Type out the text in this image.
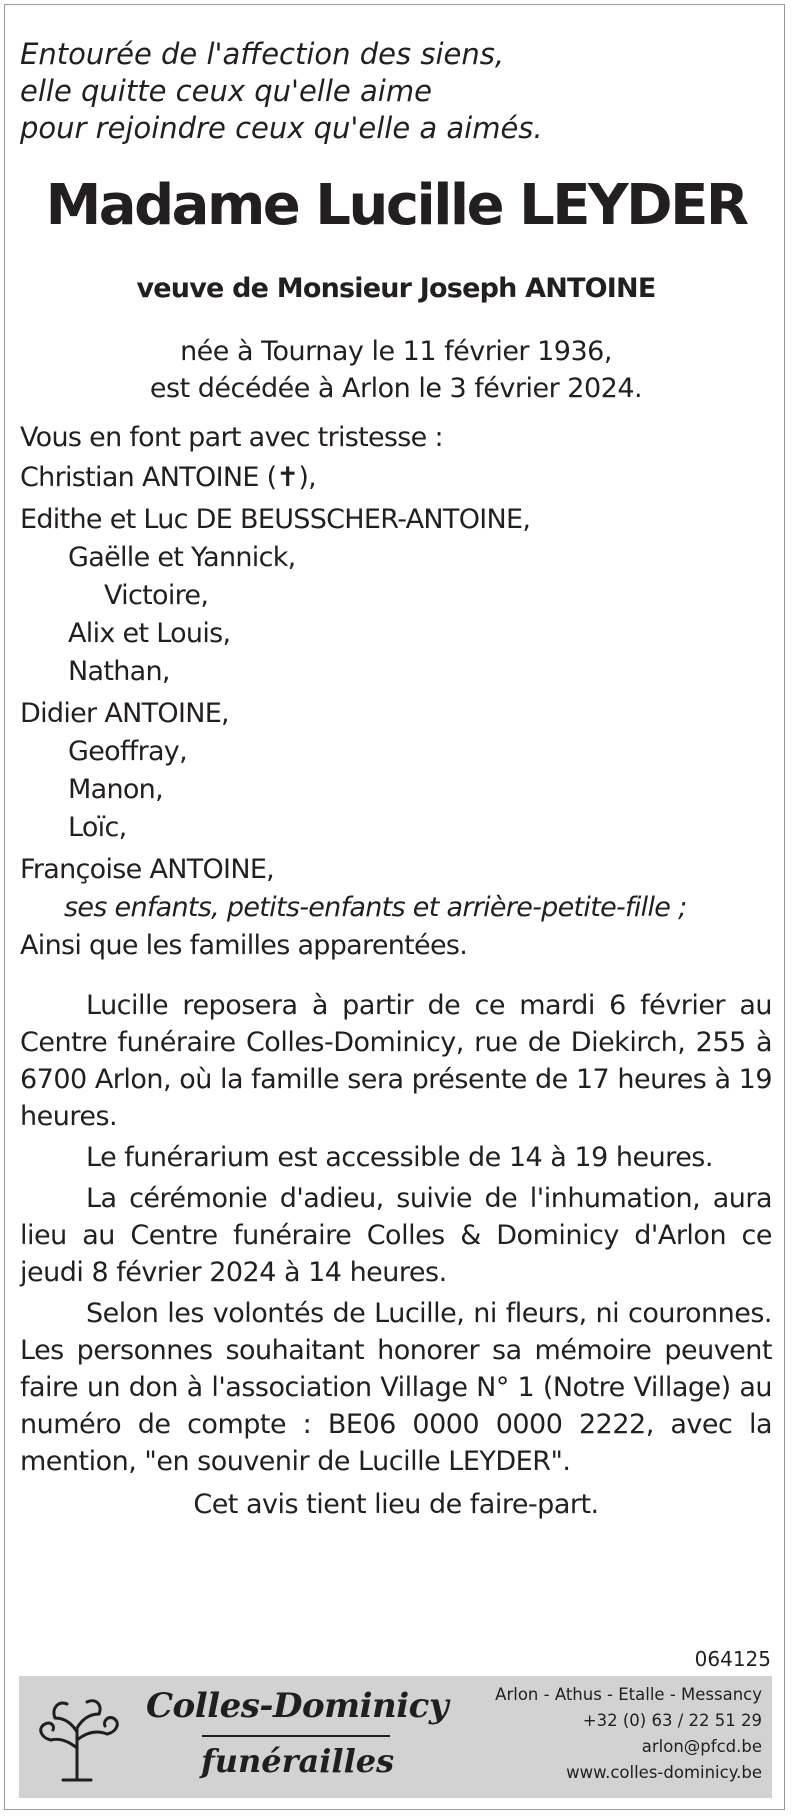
Entourée de l'affection des siens,
elle quitte ceux qu'elle aime
pour rejoindre ceux qu'elle a aimés.

Madame Lucille LEYDER
veuve de Monsieur Joseph ANTOINE
née à Tournay le 11 février 1936,
est décédée à Arlon le 3 février 2024.
Vous en font part avec tristesse :
Christian ANTOINE (✝),
Edithe et Luc DE BEUSSCHER-ANTOINE,
Gaëlle et Yannick,
Victoire,
Alix et Louis,
Nathan,
Didier ANTOINE,
Geoffray,
Manon,
Loïc,
Françoise ANTOINE,
ses enfants, petits-enfants et arrière-petite-fille ;
Ainsi que les familles apparentées.

Lucille reposera à partir de ce mardi 6 février au Centre funéraire Colles-Dominicy, rue de Diekirch, 255 à 6700 Arlon, où la famille sera présente de 17 heures à 19 heures.

Le funérarium est accessible de 14 à 19 heures.

La cérémonie d'adieu, suivie de l'inhumation, aura lieu au Centre funéraire Colles & Dominicy d'Arlon ce jeudi 8 février 2024 à 14 heures.

Selon les volontés de Lucille, ni fleurs, ni couronnes. Les personnes souhaitant honorer sa mémoire peuvent faire un don à l'association Village N° 1 (Notre Village) au numéro de compte : BE06 0000 0000 2222, avec la mention, "en souvenir de Lucille LEYDER".

Cet avis tient lieu de faire-part.
064125
Colles-Dominicy
funérailles
Arlon - Athus - Etalle - Messancy
+32 (0) 63 / 22 51 29
arlon@pfcd.be
www.colles-dominicy.be
